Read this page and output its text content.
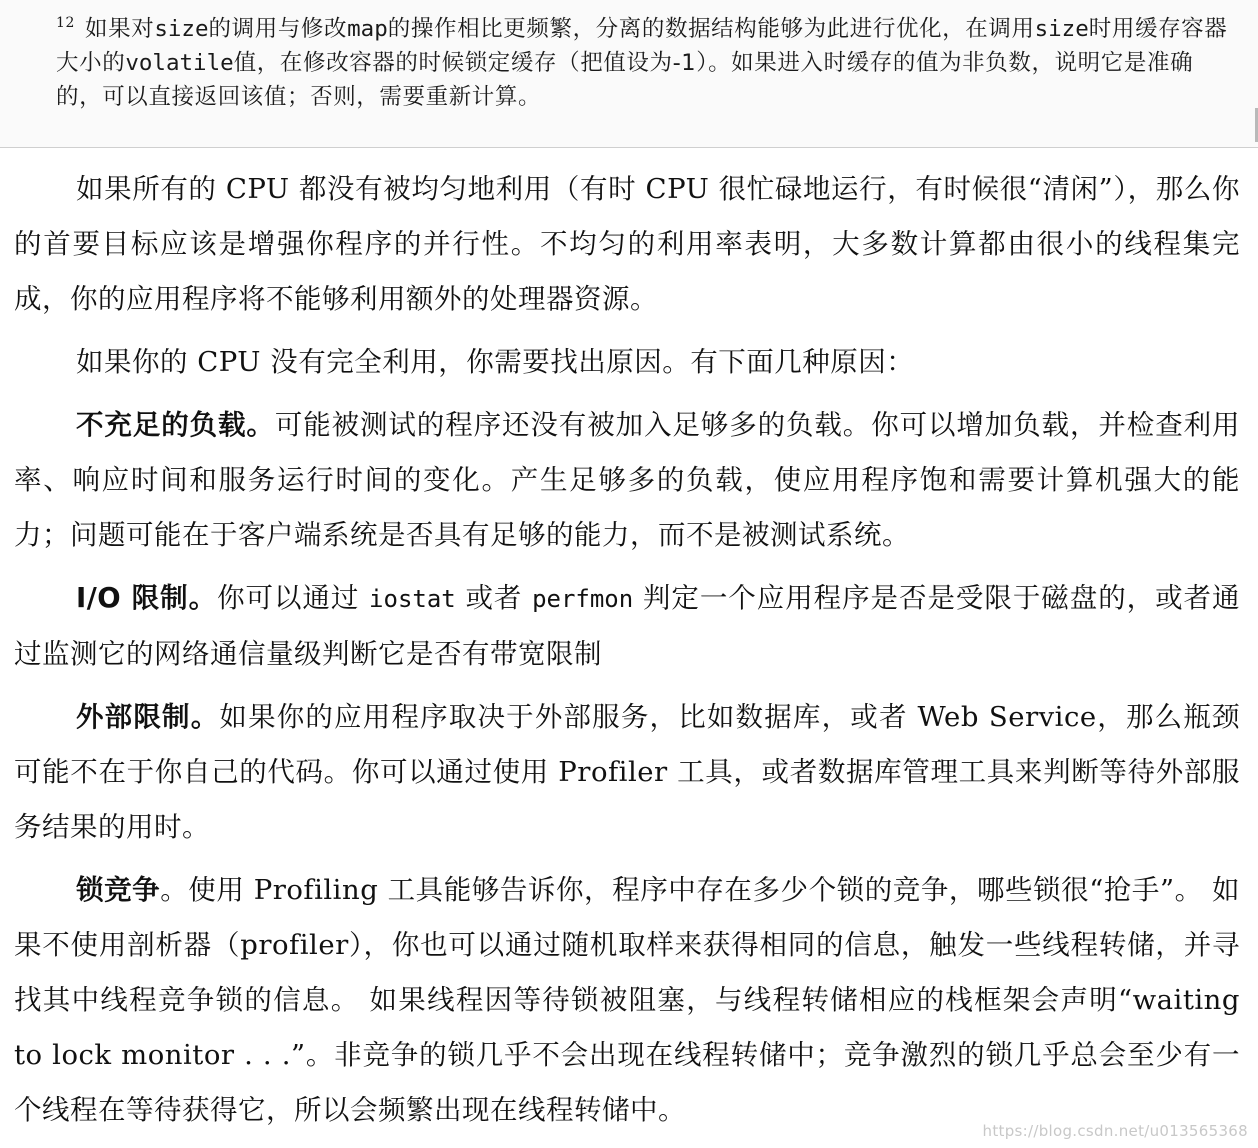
$^{12}$ 如果对size的调用与修改map的操作相比更频繁，分离的数据结构能够为此进行优化，在调用size时用缓存容器大小的volatile值，在修改容器的时候锁定缓存（把值设为-1）。如果进入时缓存的值为非负数，说明它是准确的，可以直接返回该值；否则，需要重新计算。

如果所有的 CPU 都没有被均匀地利用（有时 CPU 很忙碌地运行，有时候很“清闲”），那么你的首要目标应该是增强你程序的并行性。不均匀的利用率表明，大多数计算都由很小的线程集完成，你的应用程序将不能够利用额外的处理器资源。

如果你的 CPU 没有完全利用，你需要找出原因。有下面几种原因：

不充足的负载。可能被测试的程序还没有被加入足够多的负载。你可以增加负载，并检查利用率、响应时间和服务运行时间的变化。产生足够多的负载，使应用程序饱和需要计算机强大的能力；问题可能在于客户端系统是否具有足够的能力，而不是被测试系统。

I/O 限制。你可以通过 iostat 或者 perfmon 判定一个应用程序是否是受限于磁盘的，或者通过监测它的网络通信量级判断它是否有带宽限制

外部限制。如果你的应用程序取决于外部服务，比如数据库，或者 Web Service，那么瓶颈可能不在于你自己的代码。你可以通过使用 Profiler 工具，或者数据库管理工具来判断等待外部服务结果的用时。

锁竞争。使用 Profiling 工具能够告诉你，程序中存在多少个锁的竞争，哪些锁很“抢手”。 如果不使用剖析器（profiler），你也可以通过随机取样来获得相同的信息，触发一些线程转储，并寻找其中线程竞争锁的信息。 如果线程因等待锁被阻塞，与线程转储相应的栈框架会声明“waiting to lock monitor . . .”。非竞争的锁几乎不会出现在线程转储中；竞争激烈的锁几乎总会至少有一个线程在等待获得它，所以会频繁出现在线程转储中。

https://blog.csdn.net/u013565368
